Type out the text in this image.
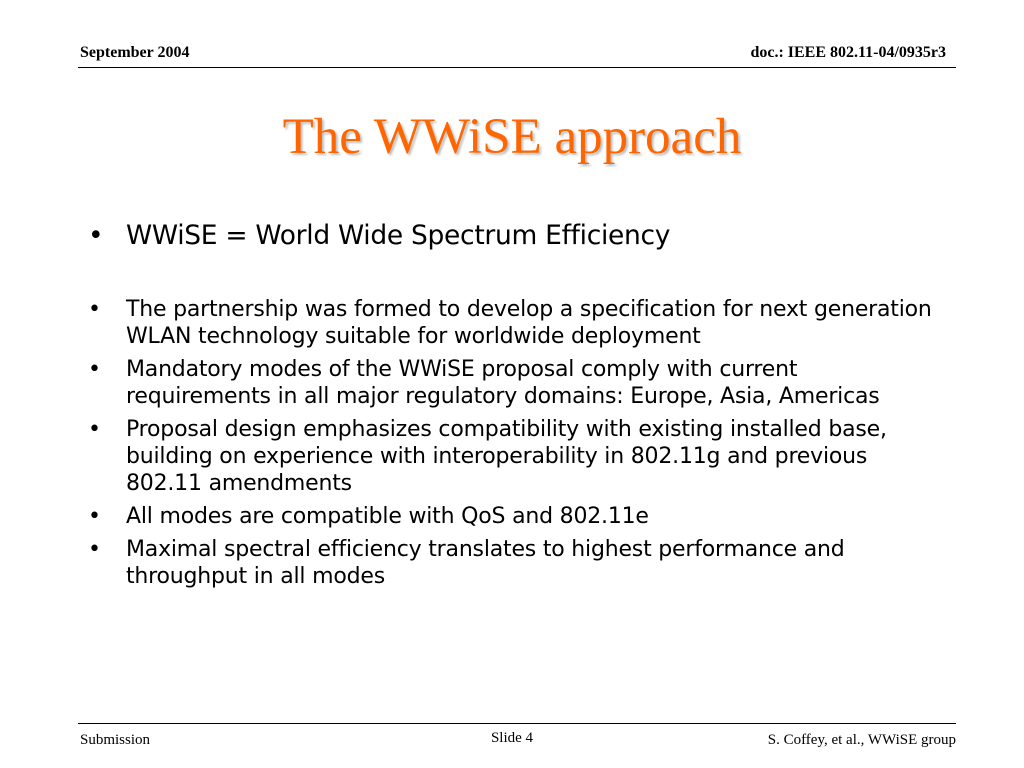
September 2004	doc.: IEEE 802.11-04/0935r3
The WWiSE approach
• WWiSE = World Wide Spectrum Efficiency
• The partnership was formed to develop a specification for next generation WLAN technology suitable for worldwide deployment
• Mandatory modes of the WWiSE proposal comply with current requirements in all major regulatory domains: Europe, Asia, Americas
• Proposal design emphasizes compatibility with existing installed base, building on experience with interoperability in 802.11g and previous 802.11 amendments
• All modes are compatible with QoS and 802.11e
• Maximal spectral efficiency translates to highest performance and throughput in all modes
Submission	Slide 4	S. Coffey, et al., WWiSE group
